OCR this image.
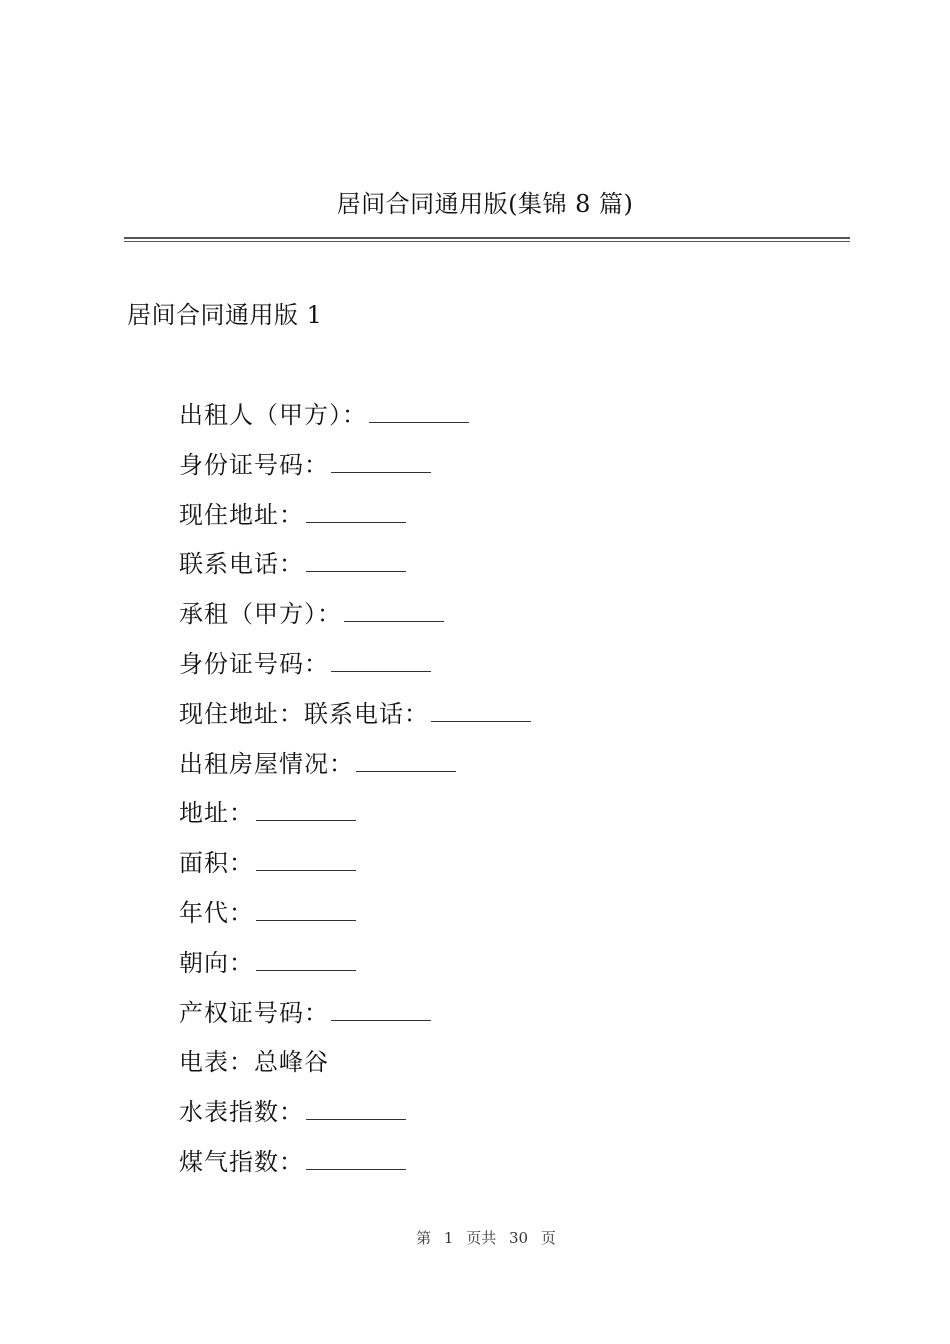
居间合同通用版(集锦 8 篇)
居间合同通用版 1
出租人（甲方）：
身份证号码：
现住地址：
联系电话：
承租（甲方）：
身份证号码：
现住地址：联系电话：
出租房屋情况：
地址：
面积：
年代：
朝向：
产权证号码：
电表：总峰谷
水表指数：
煤气指数：
第 1 页共 30 页
